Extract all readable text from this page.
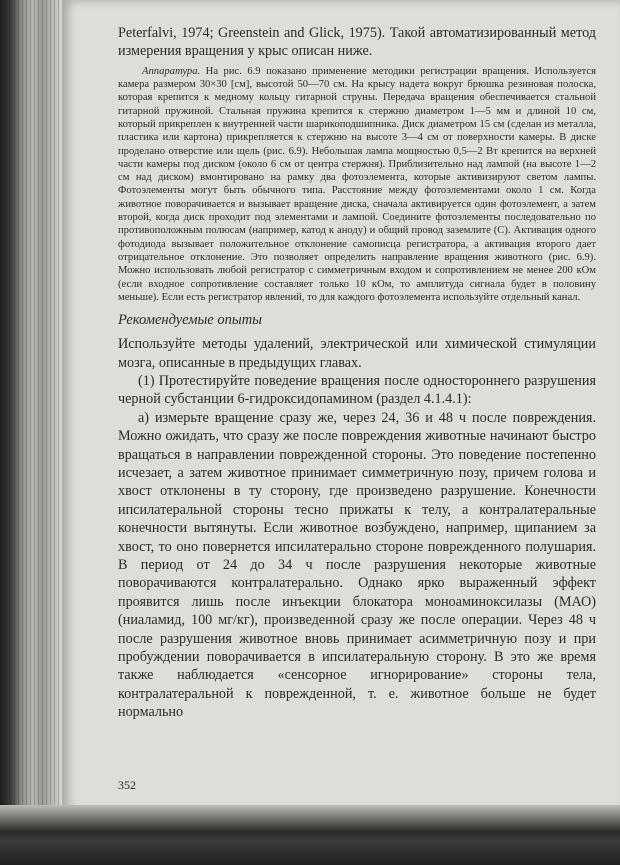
Peterfalvi, 1974; Greenstein and Glick, 1975). Такой автоматизированный метод измерения вращения у крыс описан ниже.

Аппаратура. На рис. 6.9 показано применение методики регистрации вращения. Используется камера размером 30×30 [см], высотой 50—70 см. На крысу надета вокруг брюшка резиновая полоска, которая крепится к медному кольцу гитарной струны. Передача вращения обеспечивается стальной гитарной пружиной. Стальная пружина крепится к стержню диаметром 1—5 мм и длиной 10 см, который прикреплен к внутренней части шарикоподшипника. Диск диаметром 15 см (сделан из металла, пластика или картона) прикрепляется к стержню на высоте 3—4 см от поверхности камеры. В диске проделано отверстие или щель (рис. 6.9). Небольшая лампа мощностью 0,5—2 Вт крепится на верхней части камеры под диском (около 6 см от центра стержня). Приблизительно над лампой (на высоте 1—2 см над диском) вмонтировано на рамку два фотоэлемента, которые активизируют светом лампы. Фотоэлементы могут быть обычного типа. Расстояние между фотоэлементами около 1 см. Когда животное поворачивается и вызывает вращение диска, сначала активируется один фотоэлемент, а затем второй, когда диск проходит под элементами и лампой. Соедините фотоэлементы последовательно по противоположным полюсам (например, катод к аноду) и общий провод заземлите (С). Активация одного фотодиода вызывает положительное отклонение самописца регистратора, а активация второго дает отрицательное отклонение. Это позволяет определить направление вращения животного (рис. 6.9). Можно использовать любой регистратор с симметричным входом и сопротивлением не менее 200 кОм (если входное сопротивление составляет только 10 кОм, то амплитуда сигнала будет в половину меньше). Если есть регистратор явлений, то для каждого фотоэлемента используйте отдельный канал.

Рекомендуемые опыты

Используйте методы удалений, электрической или химической стимуляции мозга, описанные в предыдущих главах.

(1) Протестируйте поведение вращения после одностороннего разрушения черной субстанции 6-гидроксидопамином (раздел 4.1.4.1):

а) измерьте вращение сразу же, через 24, 36 и 48 ч после повреждения. Можно ожидать, что сразу же после повреждения животные начинают быстро вращаться в направлении поврежденной стороны. Это поведение постепенно исчезает, а затем животное принимает симметричную позу, причем голова и хвост отклонены в ту сторону, где произведено разрушение. Конечности ипсилатеральной стороны тесно прижаты к телу, а контралатеральные конечности вытянуты. Если животное возбуждено, например, щипанием за хвост, то оно повернется ипсилатерально стороне поврежденного полушария. В период от 24 до 34 ч после разрушения некоторые животные поворачиваются контралатерально. Однако ярко выраженный эффект проявится лишь после инъекции блокатора моноаминоксилазы (МАО) (ниаламид, 100 мг/кг), произведенной сразу же после операции. Через 48 ч после разрушения животное вновь принимает асимметричную позу и при пробуждении поворачивается в ипсилатеральную сторону. В это же время также наблюдается «сенсорное игнорирование» стороны тела, контралатеральной к поврежденной, т. е. животное больше не будет нормально

352
